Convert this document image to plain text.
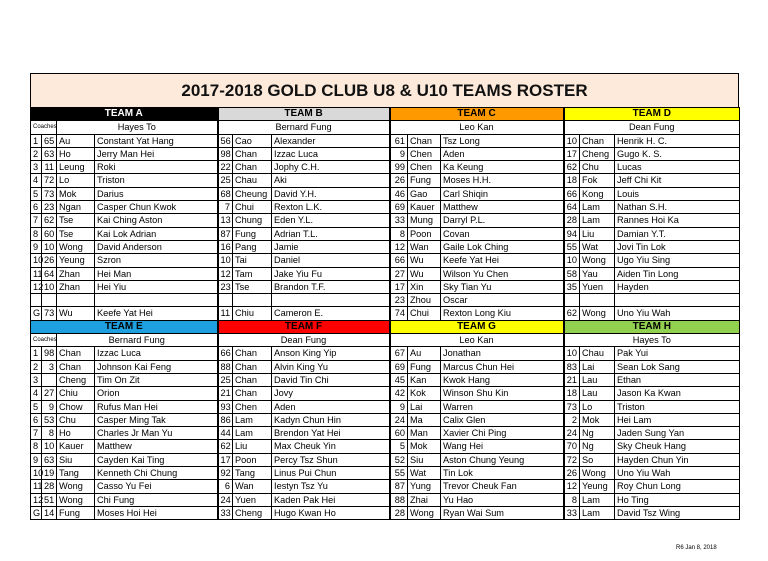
2017-2018 GOLD CLUB U8 & U10 TEAMS ROSTER
TEAM A				TEAM B			TEAM C			TEAM D		
Coaches		Hayes To		Bernard Fung			Leo Kan			Dean Fung		
1	65	Au	Constant Yat Hang	56	Cao	Alexander	61	Chan	Tsz Long	10	Chan	Henrik H. C.
2	63	Ho	Jerry Man Hei	98	Chan	Izzac Luca	9	Chen	Aden	17	Cheng	Gugo K. S.
3	11	Leung	Roki	22	Chan	Jophy C.H.	99	Chen	Ka Keung	62	Chu	Lucas
4	72	Lo	Triston	25	Chau	Aki	26	Fung	Moses H.H.	18	Fok	Jeff Chi Kit
5	73	Mok	Darius	68	Cheung	David Y.H.	46	Gao	Carl Shiqin	66	Kong	Louis
6	23	Ngan	Casper Chun Kwok	7	Chui	Rexton L.K.	69	Kauer	Matthew	64	Lam	Nathan S.H.
7	62	Tse	Kai Ching Aston	13	Chung	Eden Y.L.	33	Mung	Darryl P.L.	28	Lam	Rannes Hoi Ka
8	60	Tse	Kai Lok Adrian	87	Fung	Adrian T.L.	8	Poon	Covan	94	Liu	Damian Y.T.
9	10	Wong	David Anderson	16	Pang	Jamie	12	Wan	Gaile Lok Ching	55	Wat	Jovi Tin Lok
10	26	Yeung	Szron	10	Tai	Daniel	66	Wu	Keefe Yat Hei	10	Wong	Ugo Yiu Sing
11	64	Zhan	Hei Man	12	Tam	Jake Yiu Fu	27	Wu	Wilson Yu Chen	58	Yau	Aiden Tin Long
12	10	Zhan	Hei Yiu	23	Tse	Brandon T.F.	17	Xin	Sky Tian Yu	35	Yuen	Hayden
							23	Zhou	Oscar			
G	73	Wu	Keefe Yat Hei	11	Chiu	Cameron E.	74	Chui	Rexton Long Kiu	62	Wong	Uno Yiu Wah
TEAM E				TEAM F			TEAM G			TEAM H		
Coaches		Bernard Fung		Dean Fung			Leo Kan			Hayes To		
1	98	Chan	Izzac Luca	66	Chan	Anson King Yip	67	Au	Jonathan	10	Chau	Pak Yui
2	3	Chan	Johnson Kai Feng	88	Chan	Alvin King Yu	69	Fung	Marcus Chun Hei	83	Lai	Sean Lok Sang
3		Cheng	Tim On Zit	25	Chan	David Tin Chi	45	Kan	Kwok Hang	21	Lau	Ethan
4	27	Chiu	Orion	21	Chan	Jovy	42	Kok	Winson Shu Kin	18	Lau	Jason Ka Kwan
5	9	Chow	Rufus Man Hei	93	Chen	Aden	9	Lai	Warren	73	Lo	Triston
6	53	Chu	Casper Ming Tak	86	Lam	Kadyn Chun Hin	24	Ma	Calix Glen	2	Mok	Hei Lam
7	8	Ho	Charles Jr Man Yu	44	Lam	Brendon Yat Hei	60	Man	Xavier Chi Ping	24	Ng	Jaden Sung Yan
8	10	Kauer	Matthew	62	Liu	Max Cheuk Yin	5	Mok	Wang Hei	70	Ng	Sky Cheuk Hang
9	63	Siu	Cayden Kai Ting	17	Poon	Percy Tsz Shun	52	Siu	Aston Chung Yeung	72	So	Hayden Chun Yin
10	19	Tang	Kenneth Chi Chung	92	Tang	Linus Pui Chun	55	Wat	Tin Lok	26	Wong	Uno Yiu Wah
11	28	Wong	Casso Yu Fei	6	Wan	Iestyn Tsz Yu	87	Yung	Trevor Cheuk Fan	12	Yeung	Roy Chun Long
12	51	Wong	Chi Fung	24	Yuen	Kaden Pak Hei	88	Zhai	Yu Hao	8	Lam	Ho Ting
G	14	Fung	Moses Hoi Hei	33	Cheng	Hugo Kwan Ho	28	Wong	Ryan Wai Sum	33	Lam	David Tsz Wing
R6 Jan 8, 2018
